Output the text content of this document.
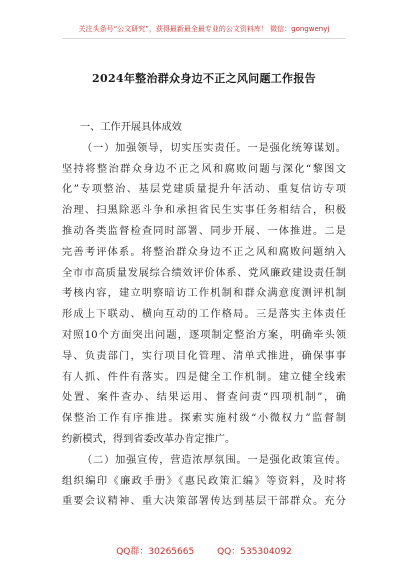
关注头条号“公文研究”，获得最新最全最专业的公文资料库！ 微信：gongwenyj
2024年整治群众身边不正之风问题工作报告
一、工作开展具体成效
（一）加强领导，切实压实责任。一是强化统筹谋划。
坚持将整治群众身边不正之风和腐败问题与深化“黎图文
化”专项整治、基层党建质量提升年活动、重复信访专项
治理、扫黑除恶斗争和承担省民生实事任务相结合，积极
推动各类监督检查同时部署、同步开展、一体推进。二是
完善考评体系。将整治群众身边不正之风和腐败问题纳入
全市市高质量发展综合绩效评价体系、党风廉政建设责任制
考核内容，建立明察暗访工作机制和群众满意度测评机制
形成上下联动、横向互动的工作格局。三是落实主体责任
对照10个方面突出问题，逐项制定整治方案，明确牵头领
导、负责部门，实行项目化管理、清单式推进，确保事事
有人抓、件件有落实。四是健全工作机制。建立健全线索
处置、案件查办、结果运用、督查问责“四项机制”，确
保整治工作有序推进。探索实施村级“小微权力”监督制
约新模式，得到省委改革办肯定推广。
（二）加强宣传，营造浓厚氛围。一是强化政策宣传。
组织编印《廉政手册》《惠民政策汇编》等资料，及时将
重要会议精神、重大决策部署传达到基层干部群众。充分
QQ群：30265665	QQ：535304092
